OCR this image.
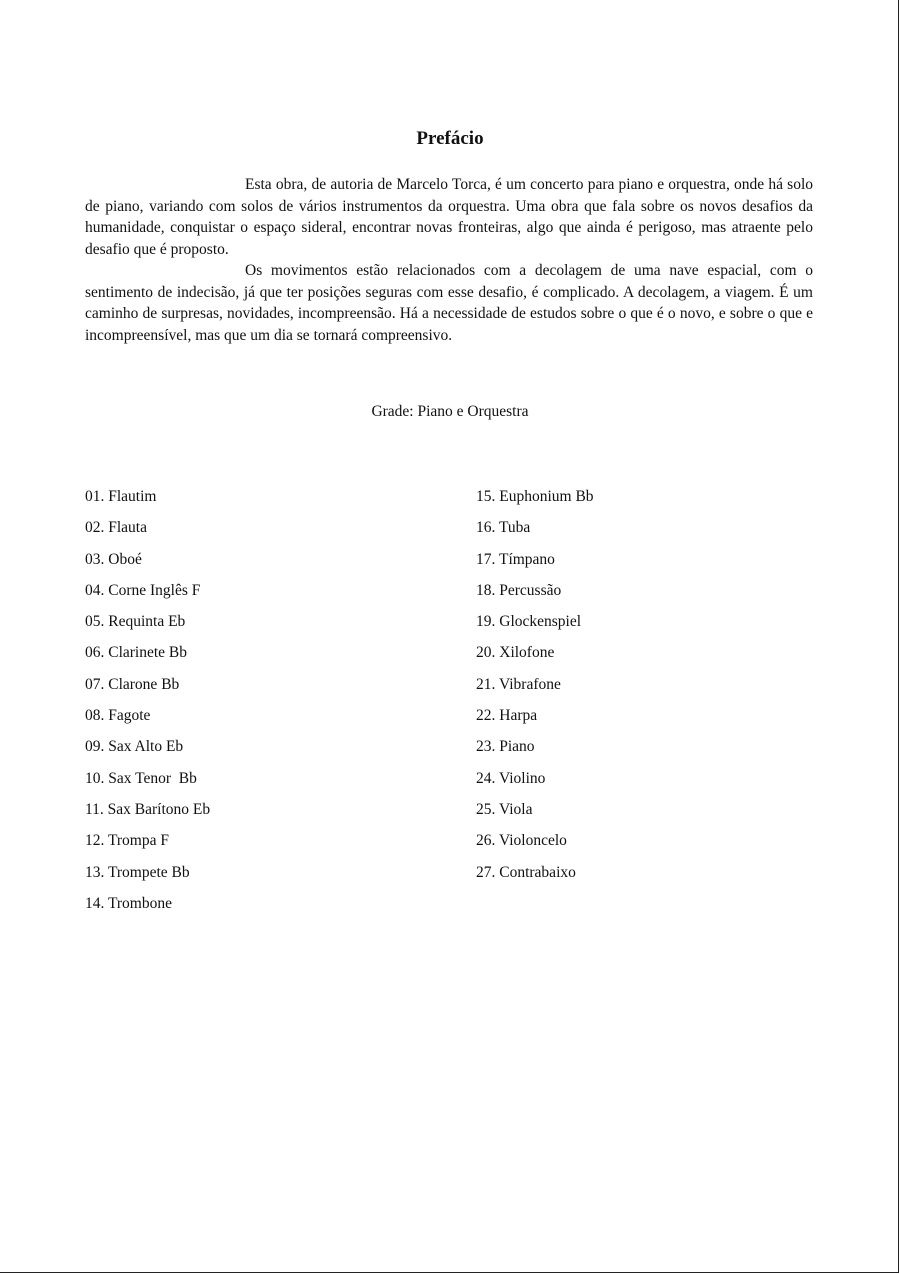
Prefácio

Esta obra, de autoria de Marcelo Torca, é um concerto para piano e orquestra, onde há solo de piano, variando com solos de vários instrumentos da orquestra. Uma obra que fala sobre os novos desafios da humanidade, conquistar o espaço sideral, encontrar novas fronteiras, algo que ainda é perigoso, mas atraente pelo desafio que é proposto.

Os movimentos estão relacionados com a decolagem de uma nave espacial, com o sentimento de indecisão, já que ter posições seguras com esse desafio, é complicado. A decolagem, a viagem. É um caminho de surpresas, novidades, incompreensão. Há a necessidade de estudos sobre o que é o novo, e sobre o que e incompreensível, mas que um dia se tornará compreensivo.

Grade: Piano e Orquestra
01. Flautim
02. Flauta
03. Oboé
04. Corne Inglês F
05. Requinta Eb
06. Clarinete Bb
07. Clarone Bb
08. Fagote
09. Sax Alto Eb
10. Sax Tenor  Bb
11. Sax Barítono Eb
12. Trompa F
13. Trompete Bb
14. Trombone
15. Euphonium Bb
16. Tuba
17. Tímpano
18. Percussão
19. Glockenspiel
20. Xilofone
21. Vibrafone
22. Harpa
23. Piano
24. Violino
25. Viola
26. Violoncelo
27. Contrabaixo
